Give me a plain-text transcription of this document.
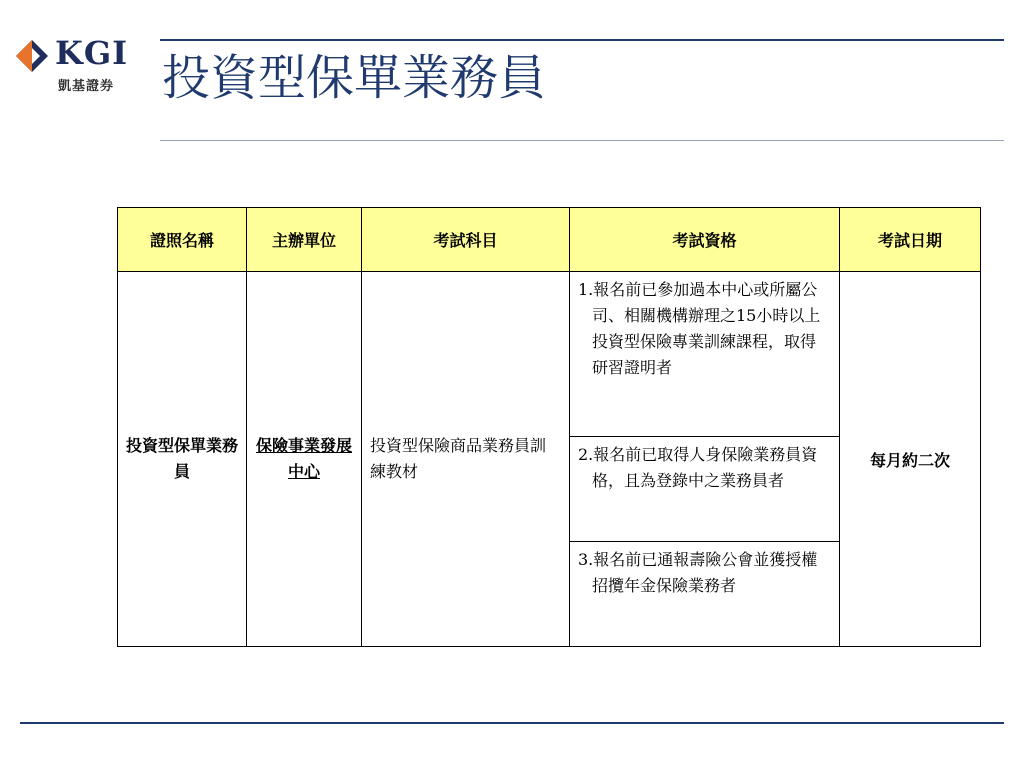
KGI
凱基證券 投資型保單業務員
證照名稱	主辦單位	考試科目	考試資格	考試日期
投資型保單業務員	保險事業發展中心	投資型保險商品業務員訓練教材	1.報名前已參加過本中心或所屬公司、相關機構辦理之15小時以上投資型保險專業訓練課程，取得研習證明者	每月約二次

			2.報名前已取得人身保險業務員資格，且為登錄中之業務員者	

			3.報名前已通報壽險公會並獲授權招攬年金保險業務者	
